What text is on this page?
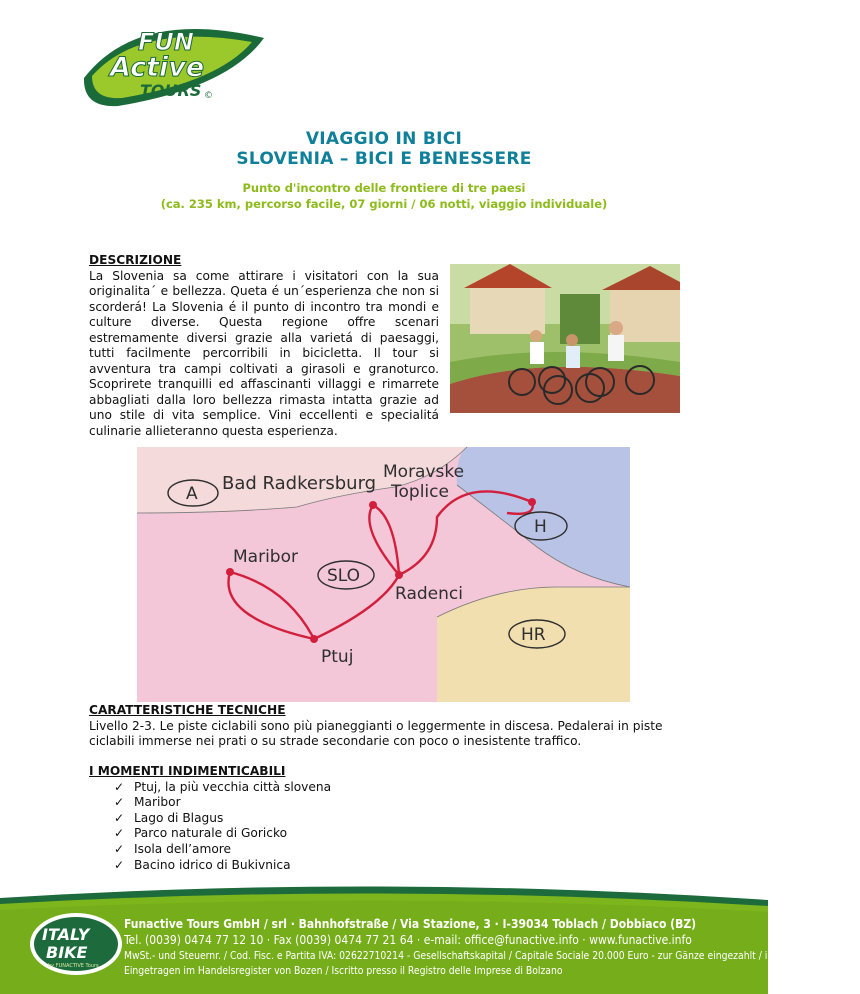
FUN
Active
TOURS ©
VIAGGIO IN BICI
SLOVENIA – BICI E BENESSERE
Punto d'incontro delle frontiere di tre paesi
(ca. 235 km, percorso facile, 07 giorni / 06 notti, viaggio individuale)
DESCRIZIONE
La Slovenia sa come attirare i visitatori con la sua originalita´ e bellezza. Queta é un´esperienza che non si scorderá! La Slovenia é il punto di incontro tra mondi e culture diverse. Questa regione offre scenari estremamente diversi grazie alla varietá di paesaggi, tutti facilmente percorribili in bicicletta. Il tour si avventura tra campi coltivati a girasoli e granoturco. Scoprirete tranquilli ed affascinanti villaggi e rimarrete abbagliati dalla loro bellezza rimasta intatta grazie ad uno stile di vita semplice. Vini eccellenti e specialitá culinarie allieteranno questa esperienza.
A Bad Radkersburg
Moravske
Toplice
H
Maribor
SLO
Radenci
HR
Ptuj
CARATTERISTICHE TECNICHE
Livello 2-3. Le piste ciclabili sono più pianeggianti o leggermente in discesa. Pedalerai in piste ciclabili immerse nei prati o su strade secondarie con poco o inesistente traffico.
I MOMENTI INDIMENTICABILI
✓ Ptuj, la più vecchia città slovena
✓ Maribor
✓ Lago di Blagus
✓ Parco naturale di Goricko
✓ Isola dell’amore
✓ Bacino idrico di Bukivnica
ITALY
BIKE
by FUNACTIVE Tours
Funactive Tours GmbH / srl · Bahnhofstraße / Via Stazione, 3 · I-39034 Toblach / Dobbiaco (BZ)
Tel. (0039) 0474 77 12 10 · Fax (0039) 0474 77 21 64 · e-mail: office@funactive.info · www.funactive.info
MwSt.- und Steuernr. / Cod. Fisc. e Partita IVA: 02622710214 - Gesellschaftskapital / Capitale Sociale 20.000 Euro - zur Gänze eingezahlt / interamente versato
Eingetragen im Handelsregister von Bozen / Iscritto presso il Registro delle Imprese di Bolzano
